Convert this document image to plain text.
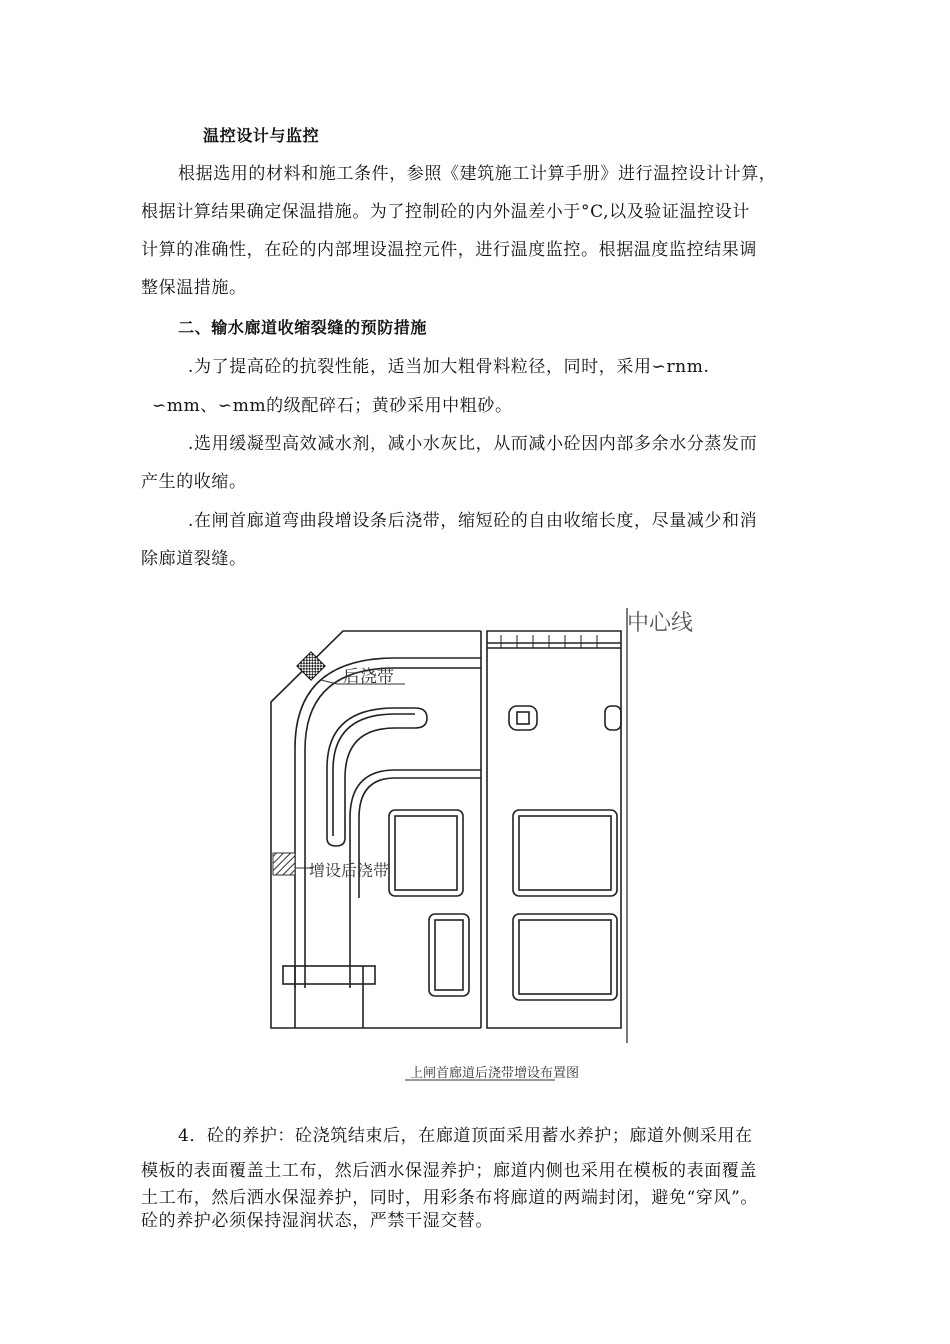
温控设计与监控
根据选用的材料和施工条件，参照《建筑施工计算手册》进行温控设计计算，
根据计算结果确定保温措施。为了控制砼的内外温差小于°C,以及验证温控设计
计算的准确性，在砼的内部埋设温控元件，进行温度监控。根据温度监控结果调
整保温措施。
二、输水廊道收缩裂缝的预防措施
.为了提高砼的抗裂性能，适当加大粗骨料粒径，同时，采用∽rnm.
∽mm、∽mm的级配碎石；黄砂采用中粗砂。
.选用缓凝型高效减水剂，减小水灰比，从而减小砼因内部多余水分蒸发而
产生的收缩。
.在闸首廊道弯曲段增设条后浇带，缩短砼的自由收缩长度，尽量减少和消
除廊道裂缝。
中心线
后浇带
增设后浇带
上闸首廊道后浇带增设布置图
4．砼的养护：砼浇筑结束后，在廊道顶面采用蓄水养护；廊道外侧采用在
模板的表面覆盖土工布，然后洒水保湿养护；廊道内侧也采用在模板的表面覆盖
土工布，然后洒水保湿养护，同时，用彩条布将廊道的两端封闭，避免“穿风”。
砼的养护必须保持湿润状态，严禁干湿交替。
